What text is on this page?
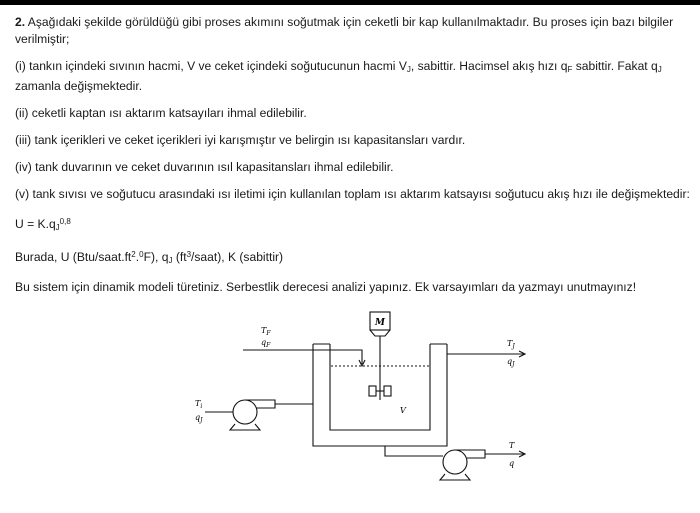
2. Aşağıdaki şekilde görüldüğü gibi proses akımını soğutmak için ceketli bir kap kullanılmaktadır. Bu proses için bazı bilgiler verilmiştir;

(i) tankın içindeki sıvının hacmi, V ve ceket içindeki soğutucunun hacmi $V_J$, sabittir. Hacimsel akış hızı $q_F$ sabittir. Fakat $q_J$ zamanla değişmektedir.

(ii) ceketli kaptan ısı aktarım katsayıları ihmal edilebilir.

(iii) tank içerikleri ve ceket içerikleri iyi karışmıştır ve belirgin ısı kapasitansları vardır.

(iv) tank duvarının ve ceket duvarının ısıl kapasitansları ihmal edilebilir.

(v) tank sıvısı ve soğutucu arasındaki ısı iletimi için kullanılan toplam ısı aktarım katsayısı soğutucu akış hızı ile değişmektedir:

$U = K.q_J^{0,8}$

Burada, U $(Btu/saat.ft^2.^0F)$, $q_J$ $(ft^3/saat)$, K (sabittir)

Bu sistem için dinamik modeli türetiniz. Serbestlik derecesi analizi yapınız. Ek varsayımları da yazmayı unutmayınız!

M
V
$T_F$
$q_F$
$T_i$
$q_J$
$T_J$
$q_J$
T
q
